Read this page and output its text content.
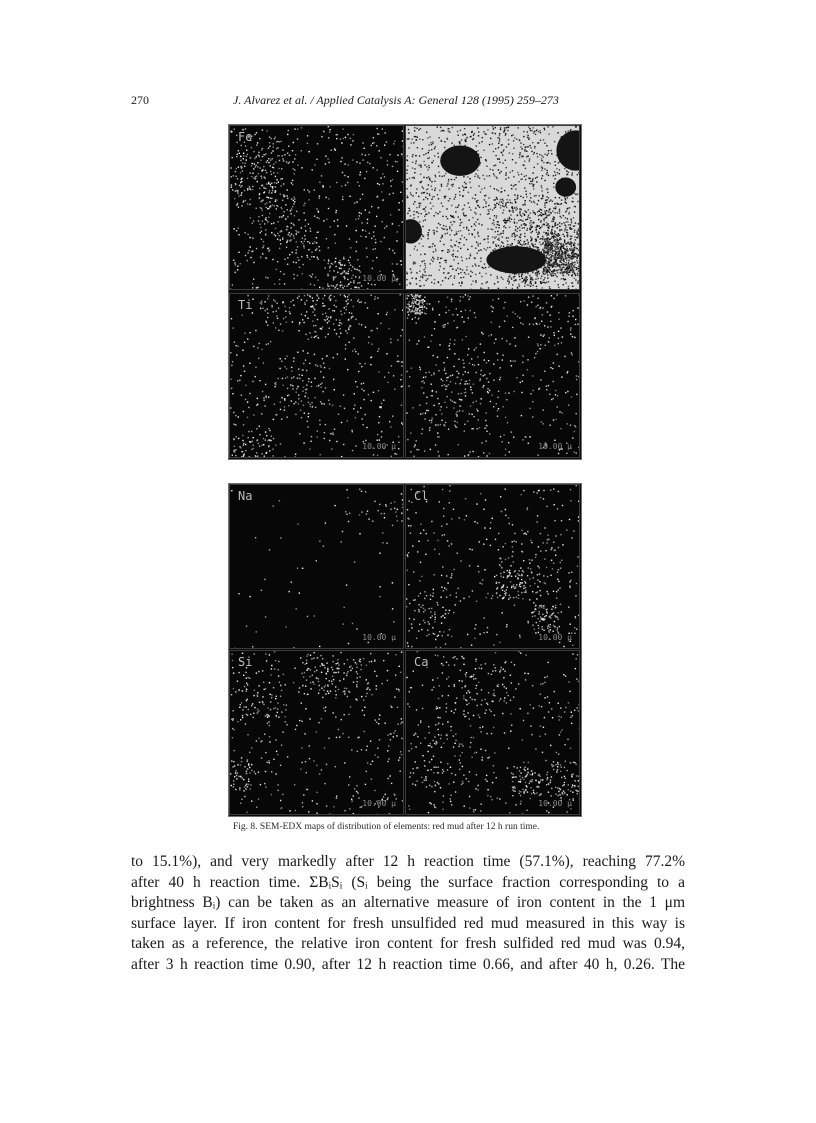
270	J. Alvarez et al. / Applied Catalysis A: General 128 (1995) 259–273
Fe
10.00 μ
Ti
10.00 μ
S
10.00 μ
Na
10.00 μ
Cl
10.00 μ
Si
10.00 μ
Ca
10.00 μ
Fig. 8. SEM-EDX maps of distribution of elements: red mud after 12 h run time.
to 15.1%), and very markedly after 12 h reaction time (57.1%), reaching 77.2%
after 40 h reaction time. ΣBᵢSᵢ (Sᵢ being the surface fraction corresponding to a
brightness Bᵢ) can be taken as an alternative measure of iron content in the 1 μm
surface layer. If iron content for fresh unsulfided red mud measured in this way is
taken as a reference, the relative iron content for fresh sulfided red mud was 0.94,
after 3 h reaction time 0.90, after 12 h reaction time 0.66, and after 40 h, 0.26. The
